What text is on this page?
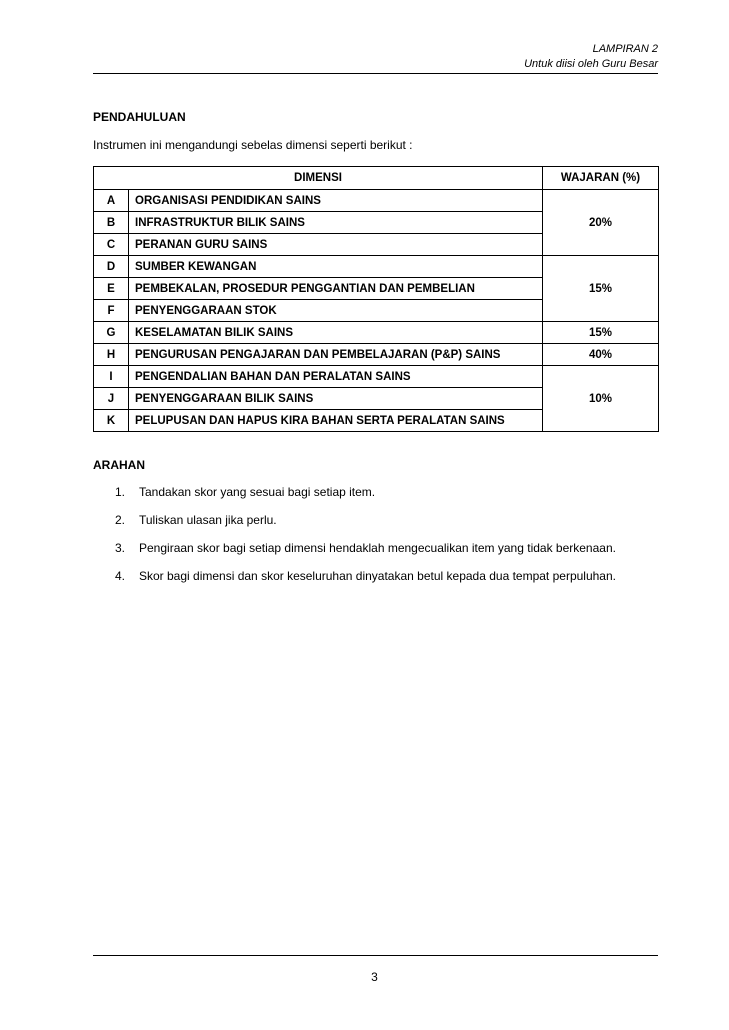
LAMPIRAN 2
Untuk diisi oleh Guru Besar
PENDAHULUAN
Instrumen ini mengandungi sebelas dimensi seperti berikut :
DIMENSI		WAJARAN (%)
A	ORGANISASI PENDIDIKAN SAINS	20%
B	INFRASTRUKTUR BILIK SAINS	
C	PERANAN GURU SAINS	
D	SUMBER KEWANGAN	15%
E	PEMBEKALAN, PROSEDUR PENGGANTIAN DAN PEMBELIAN	
F	PENYENGGARAAN STOK	
G	KESELAMATAN BILIK SAINS	15%
H	PENGURUSAN PENGAJARAN DAN PEMBELAJARAN (P&P) SAINS	40%
I	PENGENDALIAN BAHAN DAN PERALATAN SAINS	10%
J	PENYENGGARAAN BILIK SAINS	
K	PELUPUSAN DAN HAPUS KIRA BAHAN SERTA PERALATAN SAINS	
ARAHAN
1. Tandakan skor yang sesuai bagi setiap item.
2. Tuliskan ulasan jika perlu.
3. Pengiraan skor bagi setiap dimensi hendaklah mengecualikan item yang tidak berkenaan.
4. Skor bagi dimensi dan skor keseluruhan dinyatakan betul kepada dua tempat perpuluhan.
3
